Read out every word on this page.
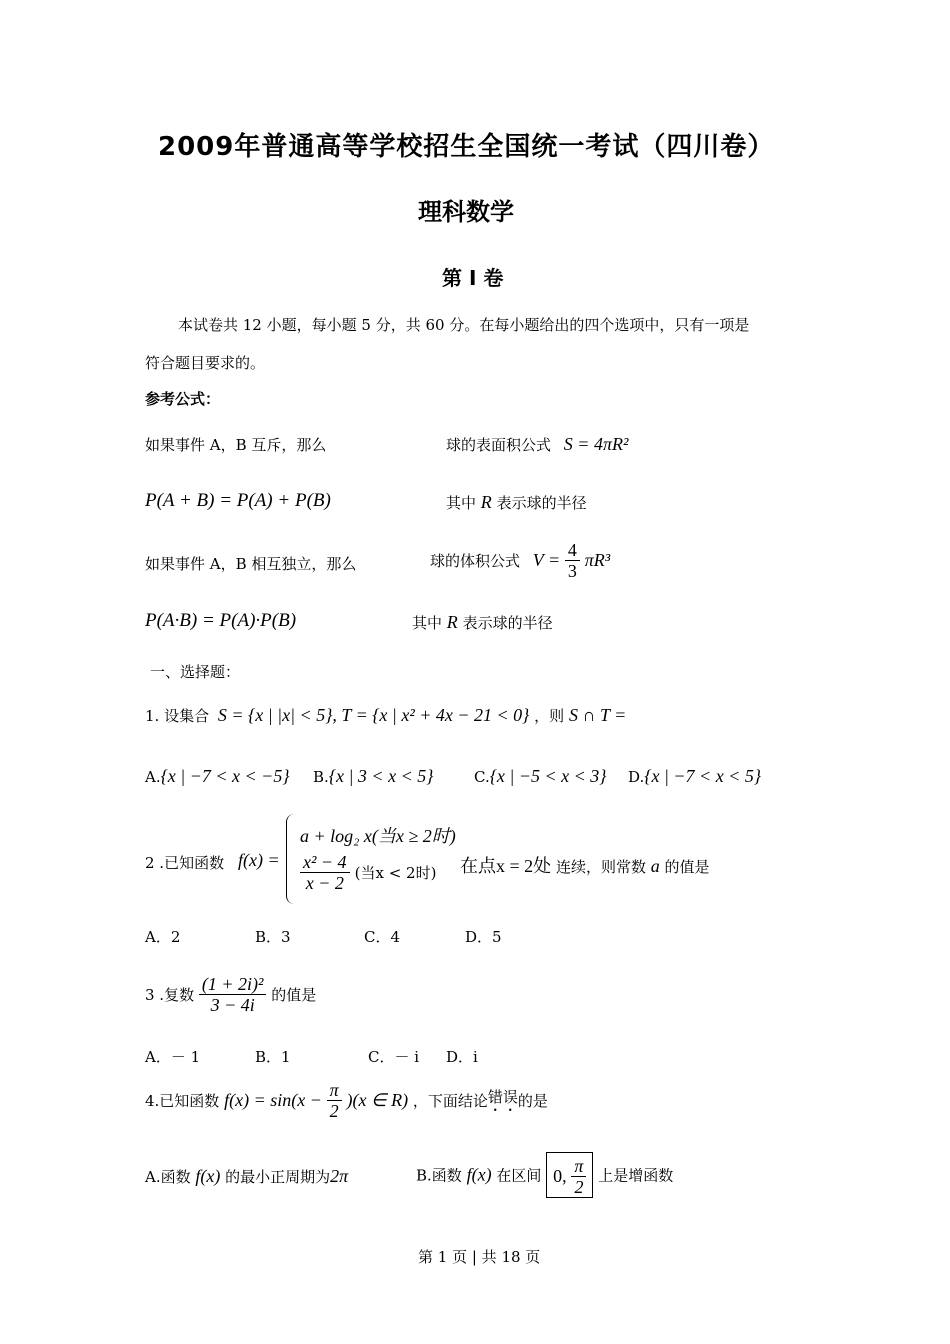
2009年普通高等学校招生全国统一考试（四川卷）
理科数学
第 I 卷
本试卷共 12 小题，每小题 5 分，共 60 分。在每小题给出的四个选项中，只有一项是
符合题目要求的。
参考公式：
如果事件 A，B 互斥，那么	球的表面积公式 S = 4πR²
P(A + B) = P(A) + P(B)	其中 R 表示球的半径
如果事件 A，B 相互独立，那么	球的体积公式 $V = \frac{4}{3} \pi R^3$
P(A·B) = P(A)·P(B)	其中 R 表示球的半径
一、选择题：
1. 设集合 S = {x | |x| < 5}, T = {x | x² + 4x − 21 < 0} ，则 S ∩ T =
A.{x | −7 < x < −5} B.{x | 3 < x < 5}	C.{x | −5 < x < 3} D.{x | −7 < x < 5}
2 .已知函数 f(x) =
a + log₂ x(当x ≥ 2时)
$\frac{\text{x² − 4}}{x - 2}$ (当x < 2时) 在点x = 2处 连续，则常数 a 的值是
A．2	B．3	C．4	D．5
3 .复数 $\frac{\text{(1 + 2i)²}}{3 - 4i}$ 的值是
A．－ 1	B．1	C．－ i D．i
4.已知函数 $f(x) = \sin(x - \frac{\pi}{2} )(x$ ∈ R) ，下面结论错误的是
A.函数 f(x) 的最小正周期为2π	B.函数 f(x) 在区间 0, $\frac{\pi}{2}$ 上是增函数
第 1 页 | 共 18 页
